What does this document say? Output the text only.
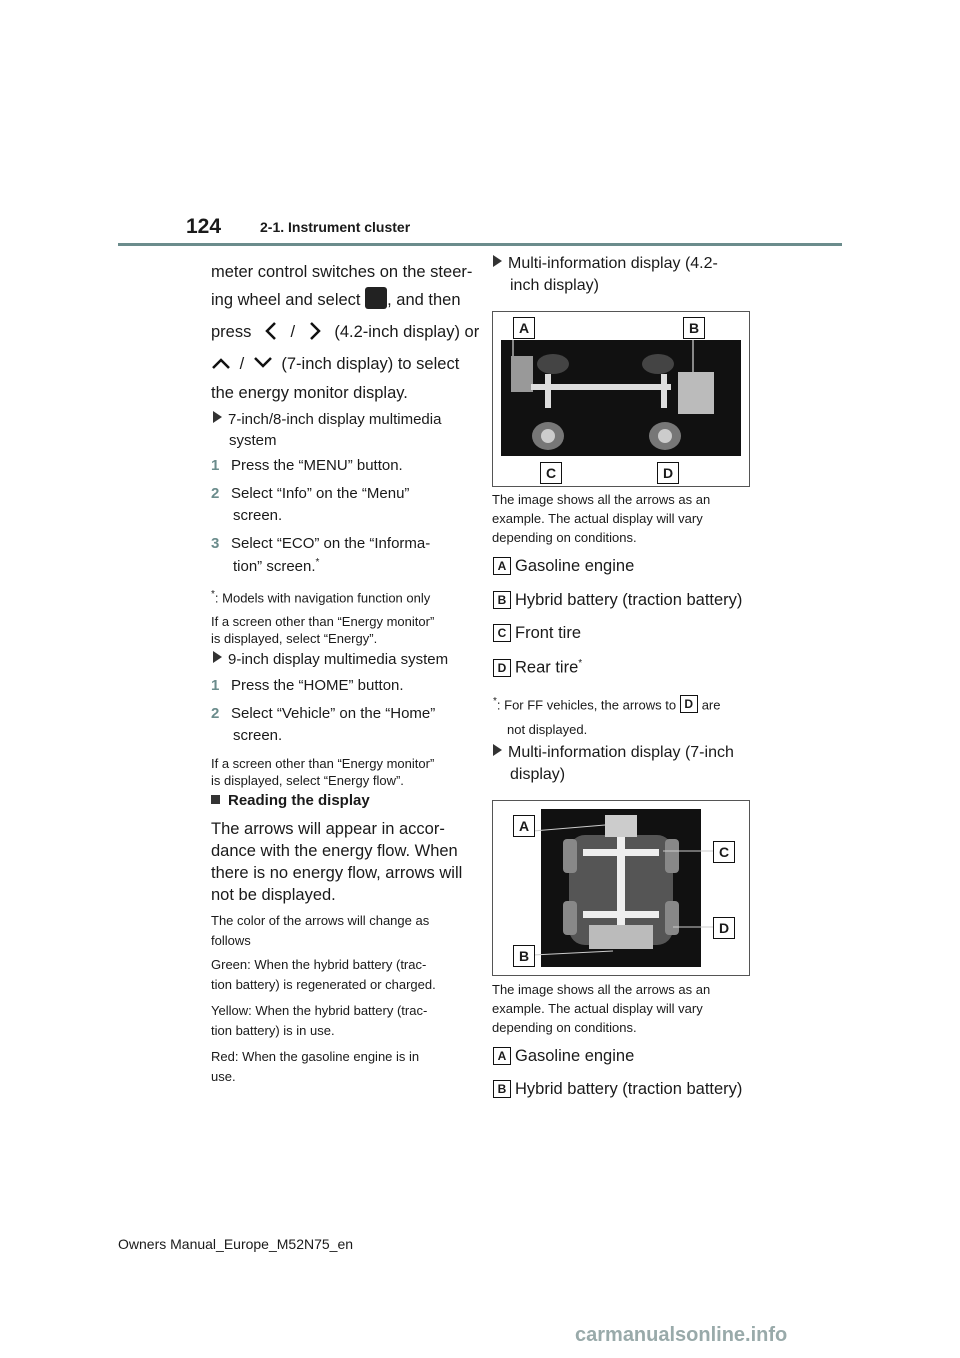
124	2-1. Instrument cluster
meter control switches on the steer-
ing wheel and select , and then
press / (4.2-inch display) or
/ (7-inch display) to select
the energy monitor display.
7-inch/8-inch display multimedia
system
1 Press the “MENU” button.
2 Select “Info” on the “Menu”
screen.
3 Select “ECO” on the “Informa-
tion” screen.*
*: Models with navigation function only
If a screen other than “Energy monitor”
is displayed, select “Energy”.
9-inch display multimedia system
1 Press the “HOME” button.
2 Select “Vehicle” on the “Home”
screen.
If a screen other than “Energy monitor”
is displayed, select “Energy flow”.
Reading the display
The arrows will appear in accor-
dance with the energy flow. When
there is no energy flow, arrows will
not be displayed.
The color of the arrows will change as
follows
Green: When the hybrid battery (trac-
tion battery) is regenerated or charged.
Yellow: When the hybrid battery (trac-
tion battery) is in use.
Red: When the gasoline engine is in
use.
Multi-information display (4.2-
inch display)
A	B
C	D
The image shows all the arrows as an
example. The actual display will vary
depending on conditions.
A Gasoline engine
B Hybrid battery (traction battery)
C Front tire
D Rear tire*
*: For FF vehicles, the arrows to D are
not displayed.
Multi-information display (7-inch
display)
A
C
D
B
The image shows all the arrows as an
example. The actual display will vary
depending on conditions.
A Gasoline engine
B Hybrid battery (traction battery)
Owners Manual_Europe_M52N75_en
carmanualsonline.info
